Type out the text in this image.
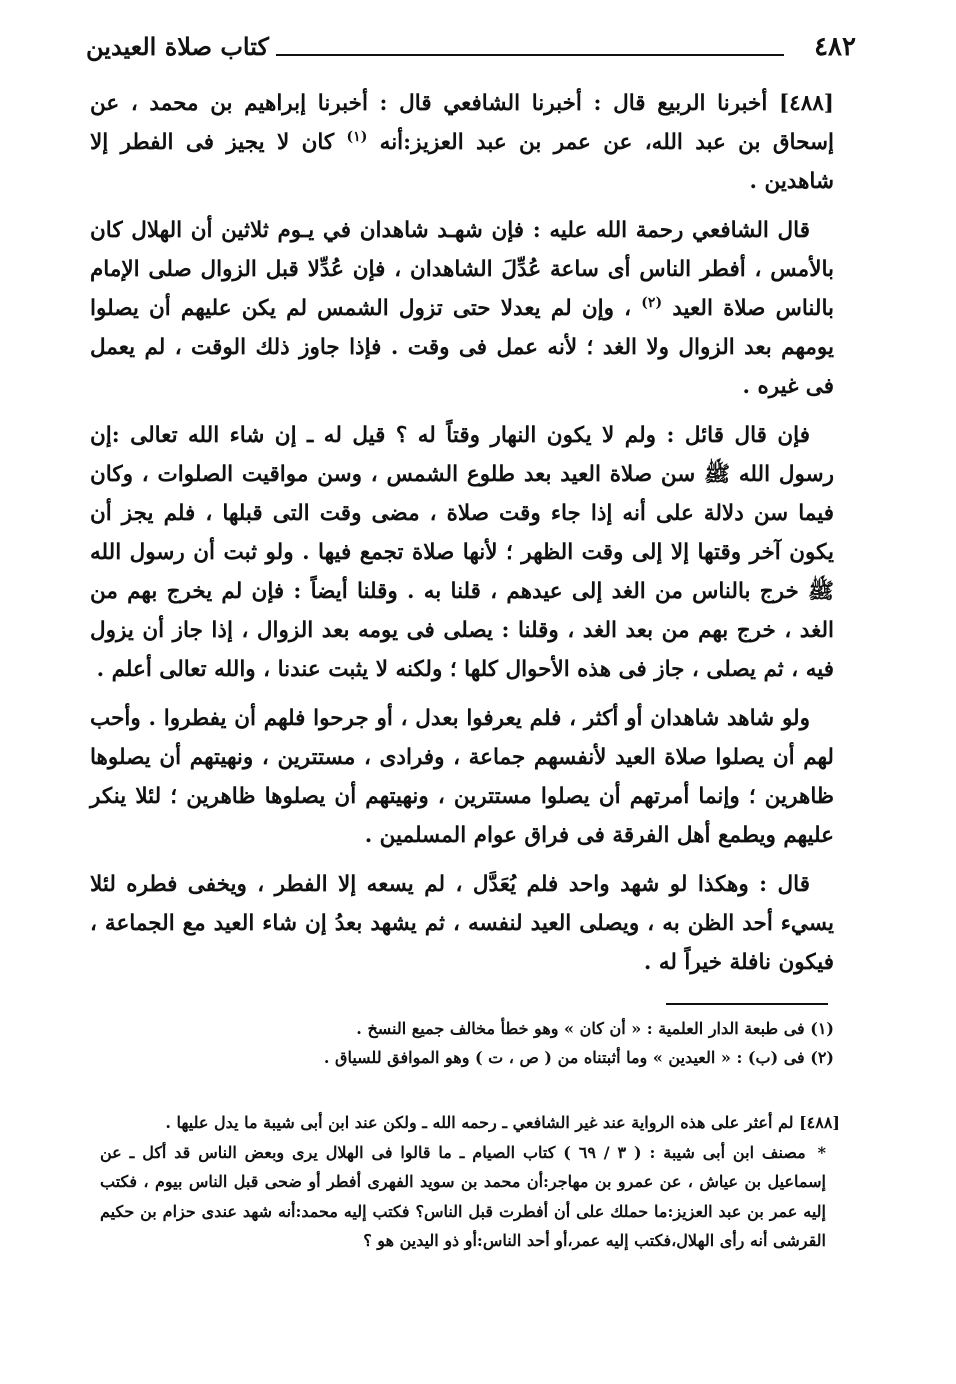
٤٨٢
كتاب صلاة العيدين

[٤٨٨] أخبرنا الربيع قال : أخبرنا الشافعي قال : أخبرنا إبراهيم بن محمد ، عن إسحاق بن عبد الله، عن عمر بن عبد العزيز:أنه $^{(١)}$ كان لا يجيز فى الفطر إلا شاهدين .

قال الشافعي رحمة الله عليه : فإن شهـد شاهدان في يـوم ثلاثين أن الهلال كان بالأمس ، أفطر الناس أى ساعة عُدِّلَ الشاهدان ، فإن عُدِّلا قبل الزوال صلى الإمام بالناس صلاة العيد $^{(٢)}$ ، وإن لم يعدلا حتى تزول الشمس لم يكن عليهم أن يصلوا يومهم بعد الزوال ولا الغد ؛ لأنه عمل فى وقت . فإذا جاوز ذلك الوقت ، لم يعمل فى غيره .

فإن قال قائل : ولم لا يكون النهار وقتاً له ؟ قيل له ـ إن شاء الله تعالى :إن رسول الله ﷺ سن صلاة العيد بعد طلوع الشمس ، وسن مواقيت الصلوات ، وكان فيما سن دلالة على أنه إذا جاء وقت صلاة ، مضى وقت التى قبلها ، فلم يجز أن يكون آخر وقتها إلا إلى وقت الظهر ؛ لأنها صلاة تجمع فيها . ولو ثبت أن رسول الله ﷺ خرج بالناس من الغد إلى عيدهم ، قلنا به . وقلنا أيضاً : فإن لم يخرج بهم من الغد ، خرج بهم من بعد الغد ، وقلنا : يصلى فى يومه بعد الزوال ، إذا جاز أن يزول فيه ، ثم يصلى ، جاز فى هذه الأحوال كلها ؛ ولكنه لا يثبت عندنا ، والله تعالى أعلم .

ولو شاهد شاهدان أو أكثر ، فلم يعرفوا بعدل ، أو جرحوا فلهم أن يفطروا . وأحب لهم أن يصلوا صلاة العيد لأنفسهم جماعة ، وفرادى ، مستترين ، ونهيتهم أن يصلوها ظاهرين ؛ وإنما أمرتهم أن يصلوا مستترين ، ونهيتهم أن يصلوها ظاهرين ؛ لئلا ينكر عليهم ويطمع أهل الفرقة فى فراق عوام المسلمين .

قال : وهكذا لو شهد واحد فلم يُعَدَّل ، لم يسعه إلا الفطر ، ويخفى فطره لئلا يسيء أحد الظن به ، ويصلى العيد لنفسه ، ثم يشهد بعدُ إن شاء العيد مع الجماعة ، فيكون نافلة خيراً له .

(١) فى طبعة الدار العلمية : « أن كان » وهو خطأ مخالف جميع النسخ .

(٢) فى (ب) : « العيدين » وما أثبتناه من ( ص ، ت ) وهو الموافق للسياق .

[٤٨٨] لم أعثر على هذه الرواية عند غير الشافعي ـ رحمه الله ـ ولكن عند ابن أبى شيبة ما يدل عليها .

* مصنف ابن أبى شيبة : ( ٣ / ٦٩ ) كتاب الصيام ـ ما قالوا فى الهلال يرى وبعض الناس قد أكل ـ عن إسماعيل بن عياش ، عن عمرو بن مهاجر:أن محمد بن سويد الفهرى أفطر أو ضحى قبل الناس بيوم ، فكتب إليه عمر بن عبد العزيز:ما حملك على أن أفطرت قبل الناس؟ فكتب إليه محمد:أنه شهد عندى حزام بن حكيم القرشى أنه رأى الهلال،فكتب إليه عمر،أو أحد الناس:أو ذو اليدين هو ؟
